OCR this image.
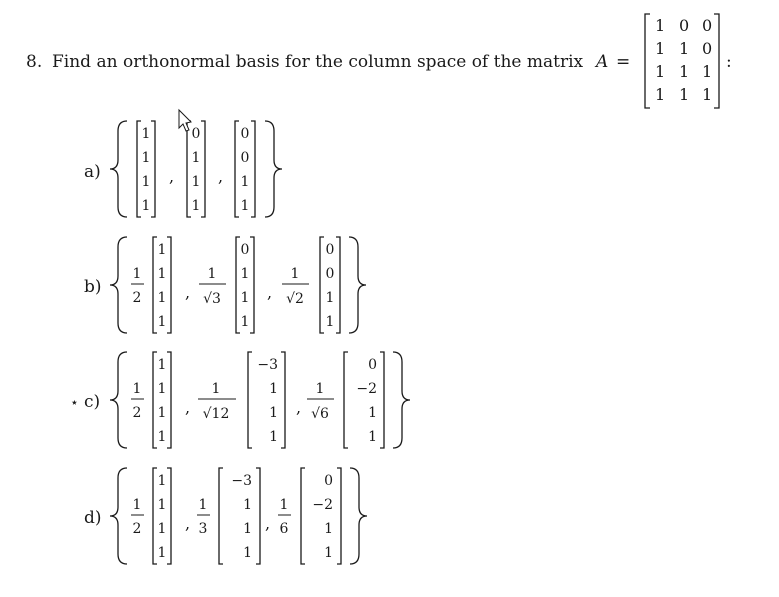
8. Find an orthonormal basis for the column space of the matrix A =
1 0 0
1 1 0
1 1 1
1 1 1
:
a)
1
1
1
1
,
0
1
1
1
,
0
0
1
1
b)
1
2
1
1
1
1
,
1
√3
0
1
1
1
,
1
√2
0
0
1
1
⋆ c)
1
2
1
1
1
1
,
1
√12
−3
1
1
1
,
1
√6
0
−2
1
1
d)
1
2
1
1
1
1
,
1
3
−3
1
1
1
,
1
6
0
−2
1
1
